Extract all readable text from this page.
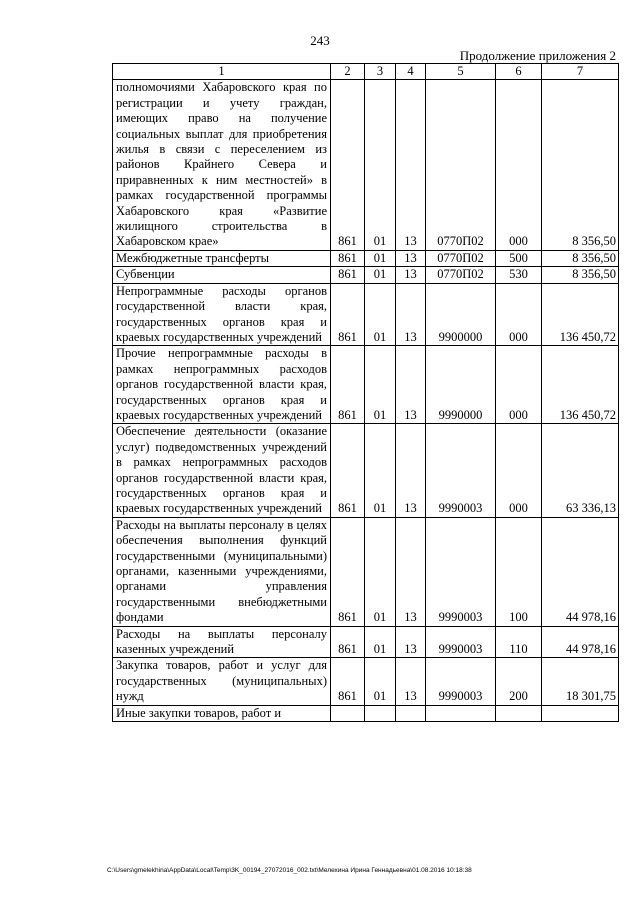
243
Продолжение приложения 2
1	2	3	4	5	6	7
полномочиями Хабаровского края по регистрации и учету граждан, имеющих право на получение социальных выплат для приобретения жилья в связи с переселением из районов Крайнего Севера и приравненных к ним местностей» в рамках государственной программы Хабаровского края «Развитие жилищного строительства в Хабаровском крае»	861	01	13	0770П02	000	8 356,50
Межбюджетные трансферты	861	01	13	0770П02	500	8 356,50
Субвенции	861	01	13	0770П02	530	8 356,50
Непрограммные расходы органов государственной власти края, государственных органов края и краевых государственных учреждений	861	01	13	9900000	000	136 450,72
Прочие непрограммные расходы в рамках непрограммных расходов органов государственной власти края, государственных органов края и краевых государственных учреждений	861	01	13	9990000	000	136 450,72
Обеспечение деятельности (оказание услуг) подведомственных учреждений в рамках непрограммных расходов органов государственной власти края, государственных органов края и краевых государственных учреждений	861	01	13	9990003	000	63 336,13
Расходы на выплаты персоналу в целях обеспечения выполнения функций государственными (муниципальными) органами, казенными учреждениями, органами управления государственными внебюджетными фондами	861	01	13	9990003	100	44 978,16
Расходы на выплаты персоналу казенных учреждений	861	01	13	9990003	110	44 978,16
Закупка товаров, работ и услуг для государственных (муниципальных) нужд	861	01	13	9990003	200	18 301,75
Иные закупки товаров, работ и						
C:\Users\gmelekhina\AppData\Local\Temp\3K_00194_27072016_002.txt\Мелехина Ирина Геннадьевна\01.08.2016 10:18:38
